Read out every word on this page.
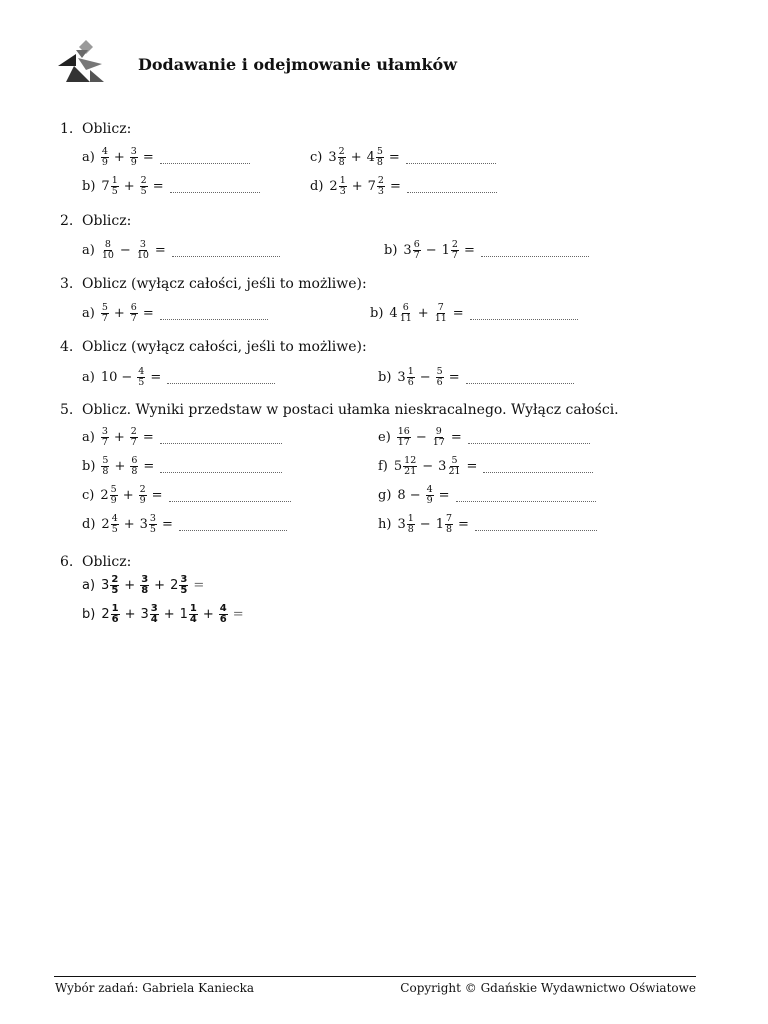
Dodawanie i odejmowanie ułamków
1. Oblicz:
2. Oblicz:
3. Oblicz (wyłącz całości, jeśli to możliwe):
4. Oblicz (wyłącz całości, jeśli to możliwe):
5. Oblicz. Wyniki przedstaw w postaci ułamka nieskracalnego. Wyłącz całości.
6. Oblicz:
$a) \frac{4}{9} + \frac{3}{9}$ =	c) $3 \frac{2}{8} + 4 \frac{5}{8}$ =
b) $7 \frac{1}{5} + \frac{2}{5}$ =	d) $2 \frac{1}{3} + 7 \frac{2}{3}$ =
$a) \frac{8}{10} - \frac{3}{10}$ =	b) $3 \frac{6}{7} - 1 \frac{2}{7}$ =
$a) \frac{5}{7} + \frac{6}{7}$ =	b) $4 \frac{6}{11} + \frac{7}{11}$ =
a) $10 - \frac{4}{5}$ =	b) $3 \frac{1}{6} - \frac{5}{6}$ =
$a) \frac{3}{7} + \frac{2}{7}$ =	$e) \frac{16}{17} - \frac{9}{17}$ =
$b) \frac{5}{8} + \frac{6}{8}$ =	f) $5 \frac{12}{21} - 3 \frac{5}{21}$ =
c) $2 \frac{5}{9} + \frac{2}{9}$ =	g) $8 - \frac{4}{9}$ =
d) $2 \frac{4}{5} + 3 \frac{3}{5}$ =	h) $3 \frac{1}{8} - 1 \frac{7}{8}$ =
a) $3 \frac{2}{5} + \frac{3}{8} + 2 \frac{3}{5}$ =
b) $2 \frac{1}{6} + 3 \frac{3}{4} + 1 \frac{1}{4} + \frac{4}{6}$ =
Wybór zadań: Gabriela Kaniecka	Copyright © Gdańskie Wydawnictwo Oświatowe
